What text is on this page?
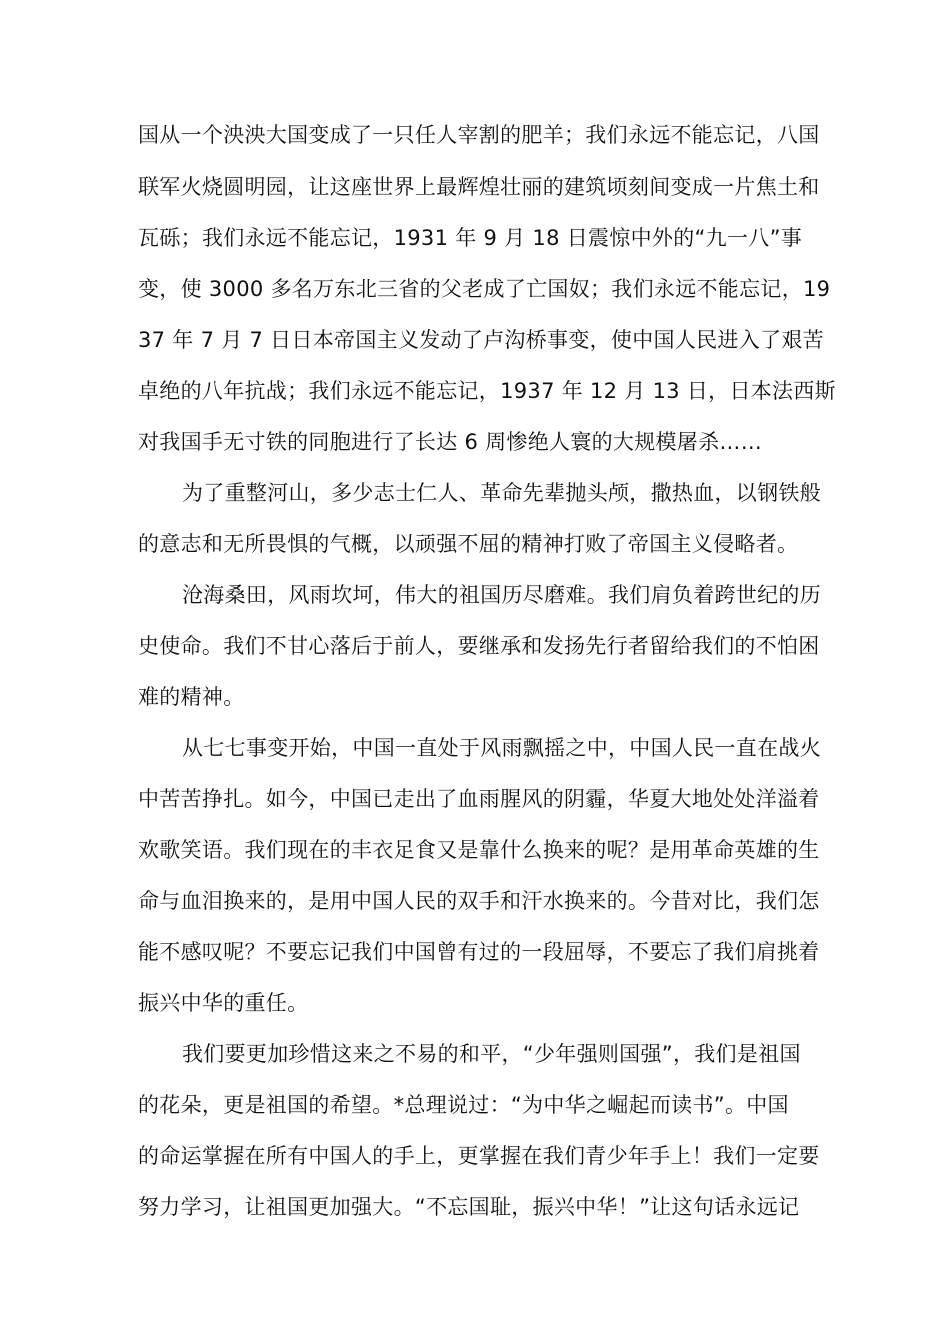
国从一个泱泱大国变成了一只任人宰割的肥羊；我们永远不能忘记，八国
联军火烧圆明园，让这座世界上最辉煌壮丽的建筑顷刻间变成一片焦土和
瓦砾；我们永远不能忘记，1931 年 9 月 18 日震惊中外的“九一八”事
变，使 3000 多名万东北三省的父老成了亡国奴；我们永远不能忘记，19
37 年 7 月 7 日日本帝国主义发动了卢沟桥事变，使中国人民进入了艰苦
卓绝的八年抗战；我们永远不能忘记，1937 年 12 月 13 日，日本法西斯
对我国手无寸铁的同胞进行了长达 6 周惨绝人寰的大规模屠杀……
为了重整河山，多少志士仁人、革命先辈抛头颅，撒热血，以钢铁般
的意志和无所畏惧的气概，以顽强不屈的精神打败了帝国主义侵略者。
沧海桑田，风雨坎坷，伟大的祖国历尽磨难。我们肩负着跨世纪的历
史使命。我们不甘心落后于前人，要继承和发扬先行者留给我们的不怕困
难的精神。
从七七事变开始，中国一直处于风雨飘摇之中，中国人民一直在战火
中苦苦挣扎。如今，中国已走出了血雨腥风的阴霾，华夏大地处处洋溢着
欢歌笑语。我们现在的丰衣足食又是靠什么换来的呢？是用革命英雄的生
命与血泪换来的，是用中国人民的双手和汗水换来的。今昔对比，我们怎
能不感叹呢？不要忘记我们中国曾有过的一段屈辱，不要忘了我们肩挑着
振兴中华的重任。
我们要更加珍惜这来之不易的和平，“少年强则国强”，我们是祖国
的花朵，更是祖国的希望。*总理说过：“为中华之崛起而读书”。中国
的命运掌握在所有中国人的手上，更掌握在我们青少年手上！我们一定要
努力学习，让祖国更加强大。“不忘国耻，振兴中华！”让这句话永远记
